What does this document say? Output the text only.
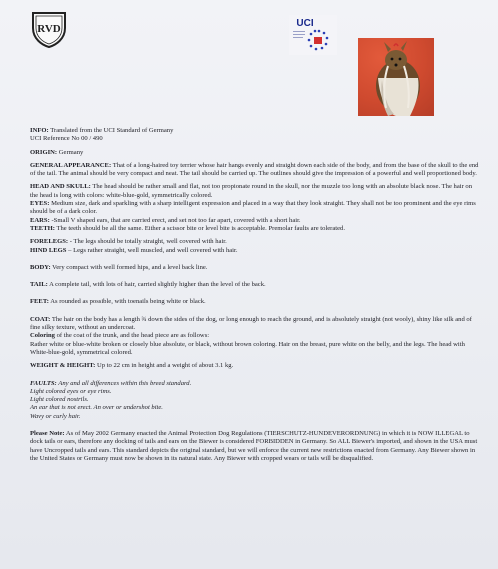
RVD	UCI

INFO: Translated from the UCI Standard of Germany

UCI Reference No 00 / 490

ORIGIN: Germany

GENERAL APPEARANCE: That of a long-haired toy terrier whose hair hangs evenly and straight down each side of the body, and from the base of the skull to the end of the tail. The animal should be very compact and neat. The tail should be carried up. The outlines should give the impression of a powerful and well proportioned body.

HEAD AND SKULL: The head should be rather small and flat, not too propionate round in the skull, nor the muzzle too long with an absolute black nose. The hair on the head is long with colors: white-blue-gold, symmetrically colored.

EYES: Medium size, dark and sparkling with a sharp intelligent expression and placed in a way that they look straight. They shall not be too prominent and the eye rims should be of a dark color.

EARS: -Small V shaped ears, that are carried erect, and set not too far apart, covered with a short hair.

TEETH: The teeth should be all the same. Either a scissor bite or level bite is acceptable. Premolar faults are tolerated.

FORELEGS: - The legs should be totally straight, well covered with hair.

HIND LEGS – Legs rather straight, well muscled, and well covered with hair.

BODY: Very compact with well formed hips, and a level back line.

TAIL: A complete tail, with lots of hair, carried slightly higher than the level of the back.

FEET: As rounded as possible, with toenails being white or black.

COAT: The hair on the body has a length ¾ down the sides of the dog, or long enough to reach the ground, and is absolutely straight (not wooly), shiny like silk and of fine silky texture, without an undercoat.

Coloring of the coat of the trunk, and the head piece are as follows:

Rather white or blue-white broken or closely blue absolute, or black, without brown coloring. Hair on the breast, pure white on the belly, and the legs. The head with White-blue-gold, symmetrical colored.

WEIGHT & HEIGHT: Up to 22 cm in height and a weight of about 3.1 kg.

FAULTS: Any and all differences within this breed standard.

Light colored eyes or eye rims.

Light colored nostrils.

An ear that is not erect. An over or undershot bite.

Wavy or curly hair.

Please Note: As of May 2002 Germany enacted the Animal Protection Dog Regulations (TIERSCHUTZ-HUNDEVERORDNUNG) in which it is NOW ILLEGAL to dock tails or ears, therefore any docking of tails and ears on the Biewer is considered FORBIDDEN in Germany. So ALL Biewer's imported, and shown in the USA must have Uncropped tails and ears. This standard depicts the original standard, but we will enforce the current new restrictions enacted from Germany. Any Biewer shown in the United States or Germany must now be shown in its natural state. Any Biewer with cropped wears or tails will be disqualified.
